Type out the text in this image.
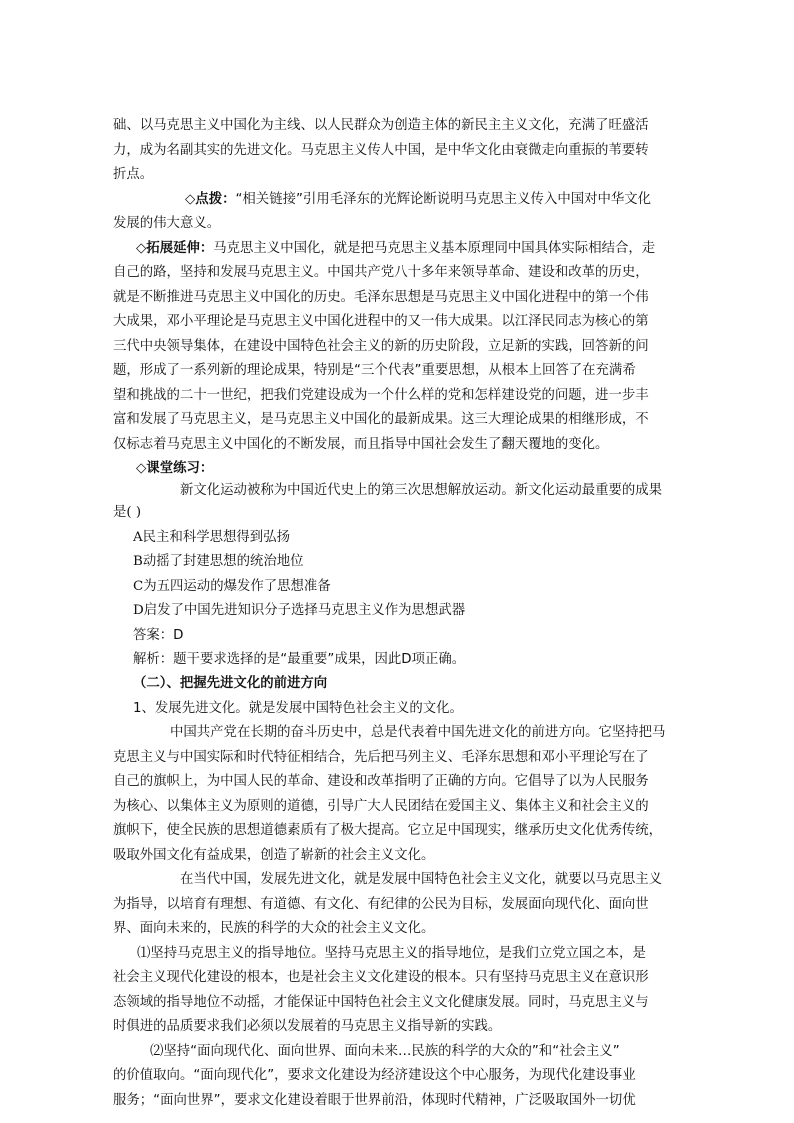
础、以马克思主义中国化为主线、以人民群众为创造主体的新民主主义文化，充满了旺盛活
力，成为名副其实的先进文化。马克思主义传人中国，是中华文化由衰微走向重振的苇要转
折点。
◇点拨：“相关链接”引用毛泽东的光辉论断说明马克思主义传入中国对中华文化
发展的伟大意义。
◇拓展延伸：马克思主义中国化，就是把马克思主义基本原理同中国具体实际相结合，走
自己的路，坚持和发展马克思主义。中国共产党八十多年来领导革命、建设和改革的历史，
就是不断推进马克思主义中国化的历史。毛泽东思想是马克思主义中国化进程中的第一个伟
大成果，邓小平理论是马克思主义中国化进程中的又一伟大成果。以江泽民同志为核心的第
三代中央领导集体，在建设中国特色社会主义的新的历史阶段，立足新的实践，回答新的问
题，形成了一系列新的理论成果，特别是“三个代表”重要思想，从根本上回答了在充满希
望和挑战的二十一世纪，把我们党建设成为一个什么样的党和怎样建设党的问题，进一步丰
富和发展了马克思主义，是马克思主义中国化的最新成果。这三大理论成果的相继形成，不
仅标志着马克思主义中国化的不断发展，而且指导中国社会发生了翻天覆地的变化。
◇课堂练习：
新文化运动被称为中国近代史上的第三次思想解放运动。新文化运动最重要的成果
是( )
A民主和科学思想得到弘扬
B动摇了封建思想的统治地位
C为五四运动的爆发作了思想准备
D启发了中国先进知识分子选择马克思主义作为思想武器
答案：D
解析：题干要求选择的是“最重要”成果，因此D项正确。
（二）、把握先进文化的前进方向
1、发展先进文化。就是发展中国特色社会主义的文化。
中国共产党在长期的奋斗历史中，总是代表着中国先进文化的前进方向。它坚持把马
克思主义与中国实际和时代特征相结合，先后把马列主义、毛泽东思想和邓小平理论写在了
自己的旗帜上，为中国人民的革命、建设和改革指明了正确的方向。它倡导了以为人民服务
为核心、以集体主义为原则的道德，引导广大人民团结在爱国主义、集体主义和社会主义的
旗帜下，使全民族的思想道德素质有了极大提高。它立足中国现实，继承历史文化优秀传统，
吸取外国文化有益成果，创造了崭新的社会主义文化。
在当代中国，发展先进文化，就是发展中国特色社会主义文化，就要以马克思主义
为指导，以培育有理想、有道德、有文化、有纪律的公民为目标，发展面向现代化、面向世
界、面向未来的，民族的科学的大众的社会主义文化。
⑴坚持马克思主义的指导地位。坚持马克思主义的指导地位，是我们立党立国之本，是
社会主义现代化建设的根本，也是社会主义文化建设的根本。只有坚持马克思主义在意识形
态领域的指导地位不动摇，才能保证中国特色社会主义文化健康发展。同时，马克思主义与
时俱进的品质要求我们必须以发展着的马克思主义指导新的实践。
⑵坚持“面向现代化、面向世界、面向未来…民族的科学的大众的”和“社会主义”
的价值取向。“面向现代化”，要求文化建设为经济建设这个中心服务，为现代化建设事业
服务；“面向世界”，要求文化建设着眼于世界前沿，体现时代精神，广泛吸取国外一切优
